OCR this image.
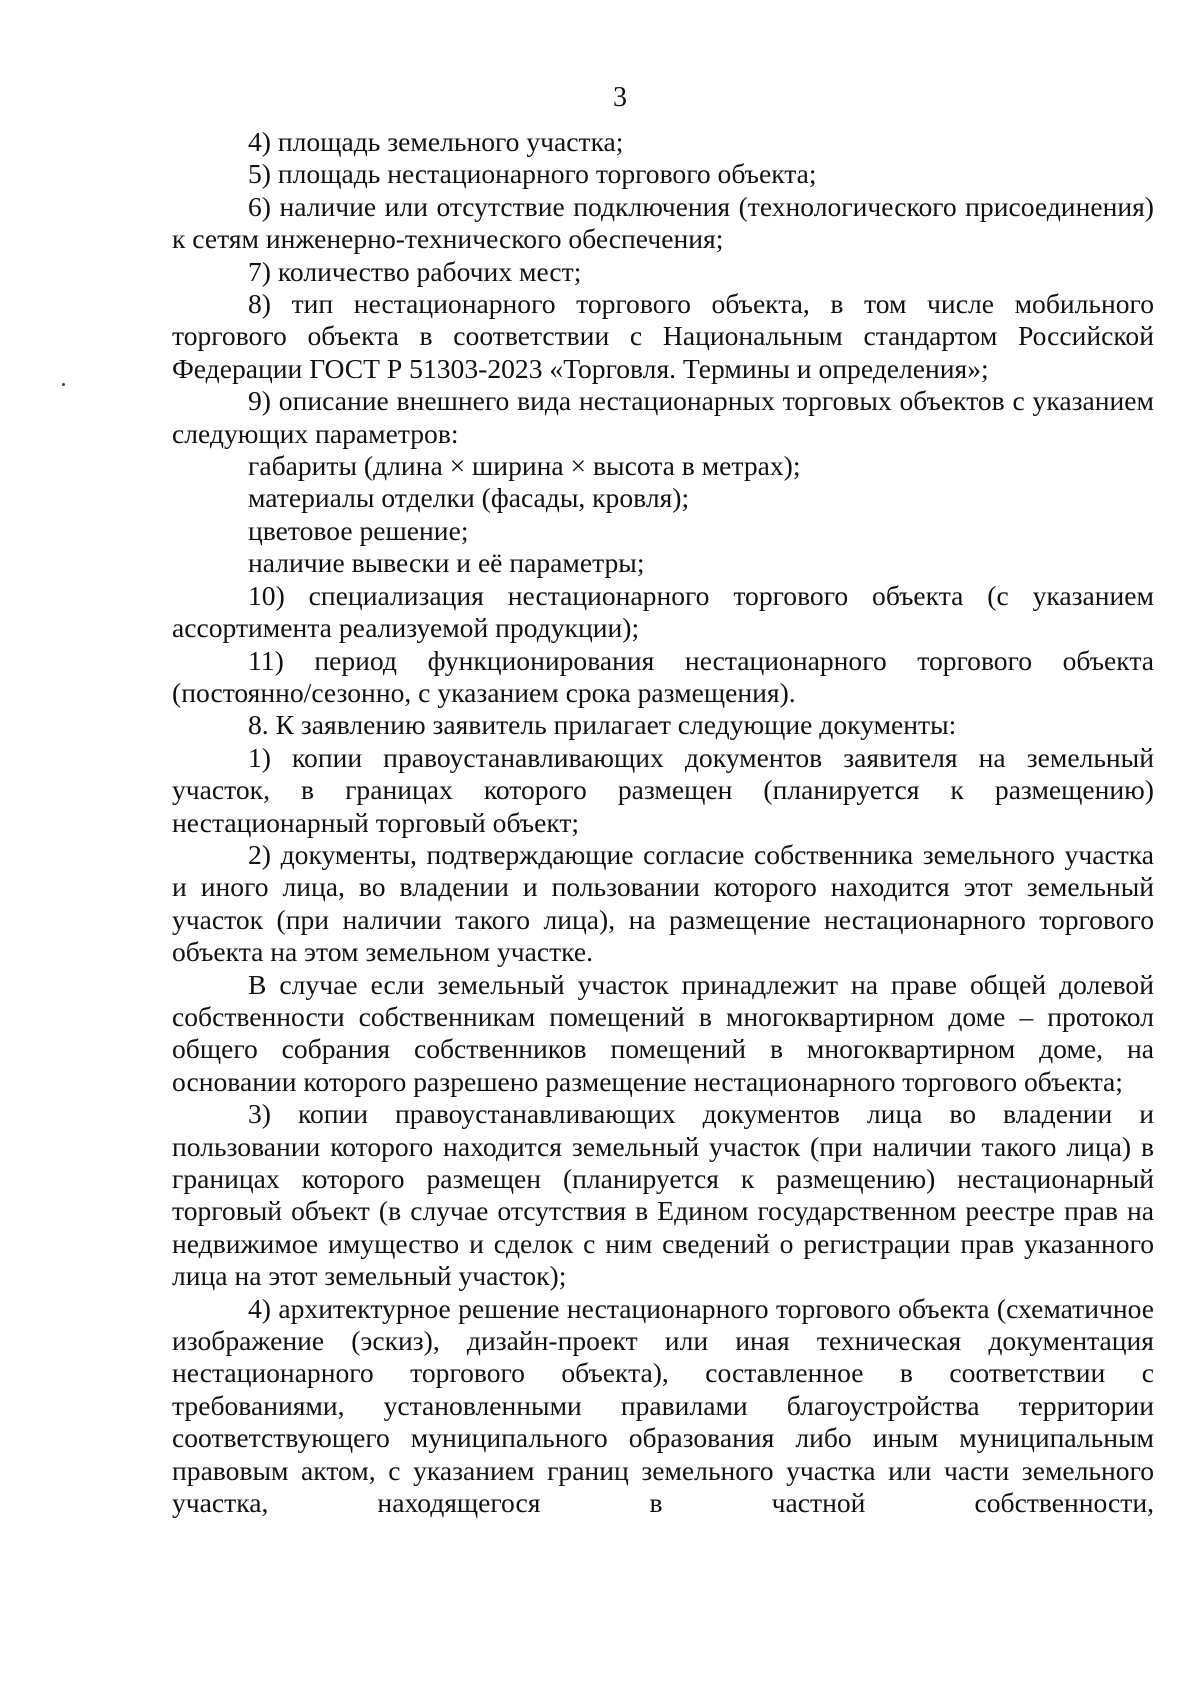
3

4) площадь земельного участка;

5) площадь нестационарного торгового объекта;

6) наличие или отсутствие подключения (технологического присоединения) к сетям инженерно-технического обеспечения;

7) количество рабочих мест;

8) тип нестационарного торгового объекта, в том числе мобильного торгового объекта в соответствии с Национальным стандартом Российской Федерации ГОСТ Р 51303-2023 «Торговля. Термины и определения»;

9) описание внешнего вида нестационарных торговых объектов с указанием следующих параметров:

габариты (длина × ширина × высота в метрах);

материалы отделки (фасады, кровля);

цветовое решение;

наличие вывески и её параметры;

10) специализация нестационарного торгового объекта (с указанием ассортимента реализуемой продукции);

11) период функционирования нестационарного торгового объекта (постоянно/сезонно, с указанием срока размещения).

8. К заявлению заявитель прилагает следующие документы:

1) копии правоустанавливающих документов заявителя на земельный участок, в границах которого размещен (планируется к размещению) нестационарный торговый объект;

2) документы, подтверждающие согласие собственника земельного участка и иного лица, во владении и пользовании которого находится этот земельный участок (при наличии такого лица), на размещение нестационарного торгового объекта на этом земельном участке.

В случае если земельный участок принадлежит на праве общей долевой собственности собственникам помещений в многоквартирном доме – протокол общего собрания собственников помещений в многоквартирном доме, на основании которого разрешено размещение нестационарного торгового объекта;

3) копии правоустанавливающих документов лица во владении и пользовании которого находится земельный участок (при наличии такого лица) в границах которого размещен (планируется к размещению) нестационарный торговый объект (в случае отсутствия в Едином государственном реестре прав на недвижимое имущество и сделок с ним сведений о регистрации прав указанного лица на этот земельный участок);

4) архитектурное решение нестационарного торгового объекта (схематичное изображение (эскиз), дизайн-проект или иная техническая документация нестационарного торгового объекта), составленное в соответствии с требованиями, установленными правилами благоустройства территории соответствующего муниципального образования либо иным муниципальным правовым актом, с указанием границ земельного участка или части земельного участка, находящегося в частной собственности,
